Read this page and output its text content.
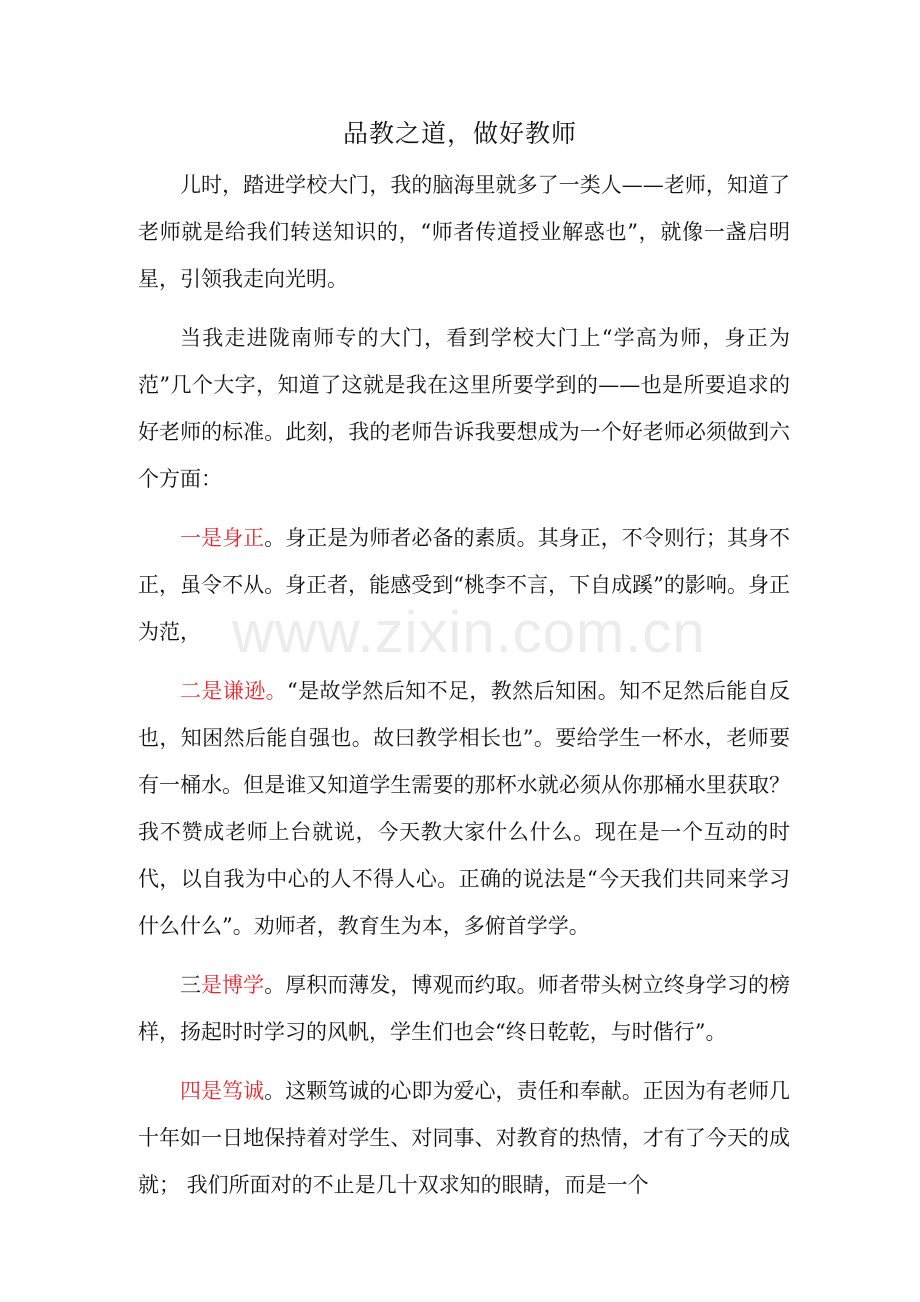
品教之道，做好教师

儿时，踏进学校大门，我的脑海里就多了一类人——老师，知道了老师就是给我们转送知识的，“师者传道授业解惑也”，就像一盏启明星，引领我走向光明。

当我走进陇南师专的大门，看到学校大门上“学高为师，身正为范”几个大字，知道了这就是我在这里所要学到的——也是所要追求的好老师的标准。此刻，我的老师告诉我要想成为一个好老师必须做到六个方面：

一是身正。身正是为师者必备的素质。其身正，不令则行；其身不正，虽令不从。身正者，能感受到“桃李不言，下自成蹊”的影响。身正为范，

二是谦逊。“是故学然后知不足，教然后知困。知不足然后能自反也，知困然后能自强也。故曰教学相长也”。要给学生一杯水，老师要有一桶水。但是谁又知道学生需要的那杯水就必须从你那桶水里获取？我不赞成老师上台就说，今天教大家什么什么。现在是一个互动的时代，以自我为中心的人不得人心。正确的说法是“今天我们共同来学习什么什么”。劝师者，教育生为本，多俯首学学。

三是博学。厚积而薄发，博观而约取。师者带头树立终身学习的榜样，扬起时时学习的风帆，学生们也会“终日乾乾，与时偕行”。

四是笃诚。这颗笃诚的心即为爱心，责任和奉献。正因为有老师几十年如一日地保持着对学生、对同事、对教育的热情，才有了今天的成就； 我们所面对的不止是几十双求知的眼睛，而是一个

www.zixin.com.cn
